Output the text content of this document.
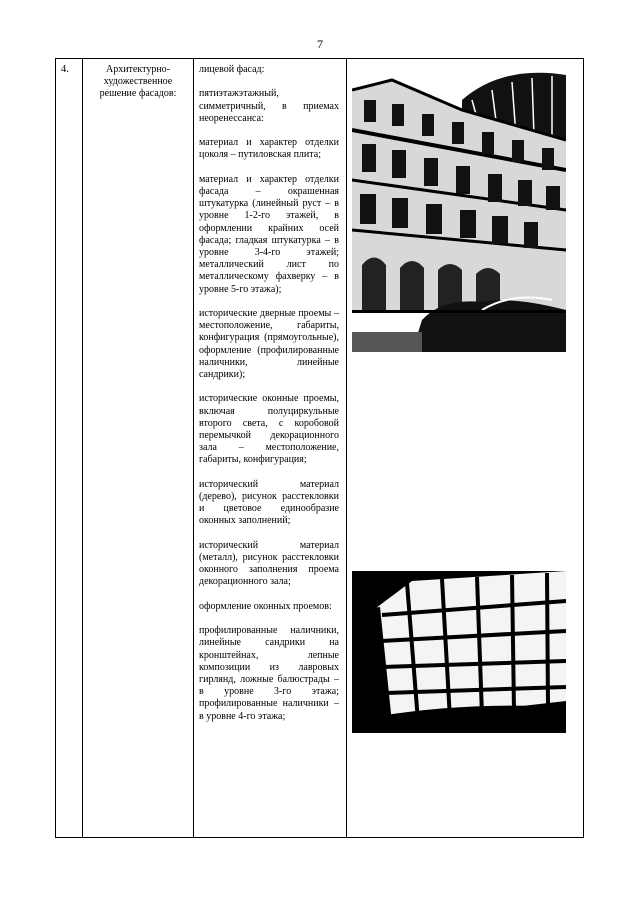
7
4.	Архитектурно-художественное решение фасадов:

лицевой фасад:

пятиэтажэтажный, симметричный, в приемах неоренессанса:

материал и характер отделки цоколя – путиловская плита;

материал и характер отделки фасада – окрашенная штукатурка (линейный руст – в уровне 1-2-го этажей, в оформлении крайних осей фасада; гладкая штукатурка – в уровне 3-4-го этажей; металлический лист по металлическому фахверку – в уровне 5-го этажа);

исторические дверные проемы – местоположение, габариты, конфигурация (прямоугольные), оформление (профилированные наличники, линейные сандрики);

исторические оконные проемы, включая полуциркульные второго света, с коробовой перемычкой декорационного зала – местоположение, габариты, конфигурация;

исторический материал (дерево), рисунок расстекловки и цветовое единообразие оконных заполнений;

исторический материал (металл), рисунок расстекловки оконного заполнения проема декорационного зала;

оформление оконных проемов:

профилированные наличники, линейные сандрики на кронштейнах, лепные композиции из лавровых гирлянд, ложные балюстрады – в уровне 3-го этажа; профилированные наличники – в уровне 4-го этажа;
